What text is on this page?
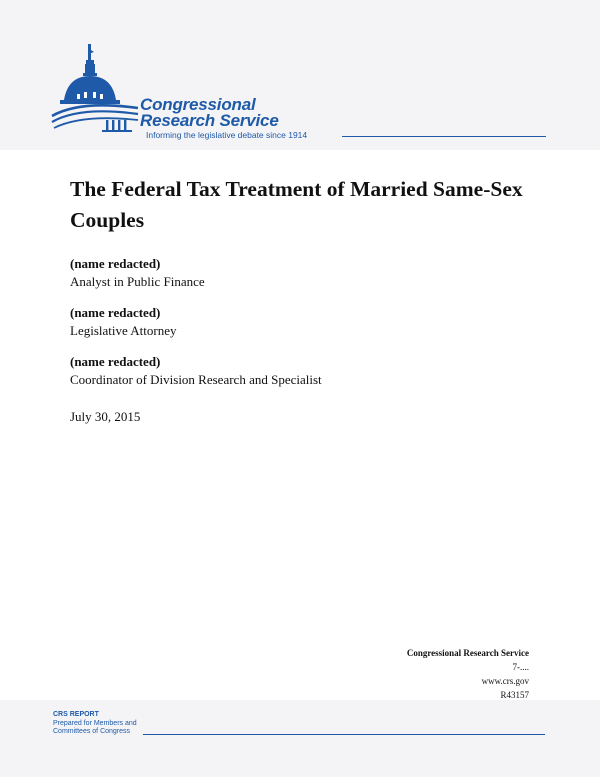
Congressional
Research Service
Informing the legislative debate since 1914
The Federal Tax Treatment of Married Same-Sex Couples
(name redacted)
Analyst in Public Finance
(name redacted)
Legislative Attorney
(name redacted)
Coordinator of Division Research and Specialist
July 30, 2015
Congressional Research Service
7-....
www.crs.gov
R43157
CRS REPORT
Prepared for Members and
Committees of Congress
